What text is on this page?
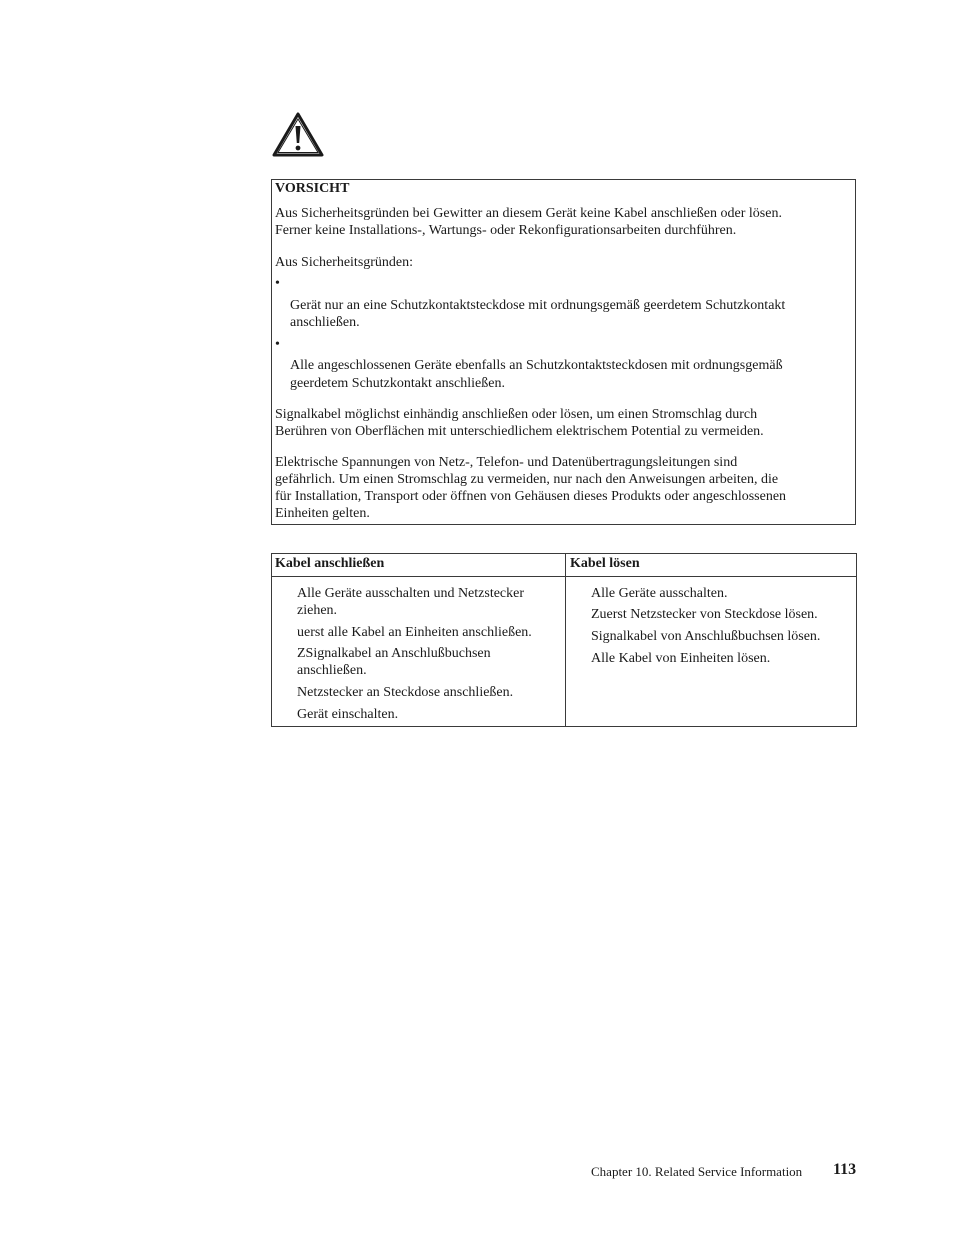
VORSICHT
Aus Sicherheitsgründen bei Gewitter an diesem Gerät keine Kabel anschließen oder lösen.
Ferner keine Installations-, Wartungs- oder Rekonfigurationsarbeiten durchführen.
Aus Sicherheitsgründen:
•
Gerät nur an eine Schutzkontaktsteckdose mit ordnungsgemäß geerdetem Schutzkontakt
anschließen.
•
Alle angeschlossenen Geräte ebenfalls an Schutzkontaktsteckdosen mit ordnungsgemäß
geerdetem Schutzkontakt anschließen.
Signalkabel möglichst einhändig anschließen oder lösen, um einen Stromschlag durch
Berühren von Oberflächen mit unterschiedlichem elektrischem Potential zu vermeiden.
Elektrische Spannungen von Netz-, Telefon- und Datenübertragungsleitungen sind
gefährlich. Um einen Stromschlag zu vermeiden, nur nach den Anweisungen arbeiten, die
für Installation, Transport oder öffnen von Gehäusen dieses Produkts oder angeschlossenen
Einheiten gelten.
Kabel anschließen	Kabel lösen
Alle Geräte ausschalten und Netzstecker
ziehen.
uerst alle Kabel an Einheiten anschließen.
ZSignalkabel an Anschlußbuchsen
anschließen.
Netzstecker an Steckdose anschließen.
Gerät einschalten.
Alle Geräte ausschalten.
Zuerst Netzstecker von Steckdose lösen.
Signalkabel von Anschlußbuchsen lösen.
Alle Kabel von Einheiten lösen.
Chapter 10. Related Service Information 113
